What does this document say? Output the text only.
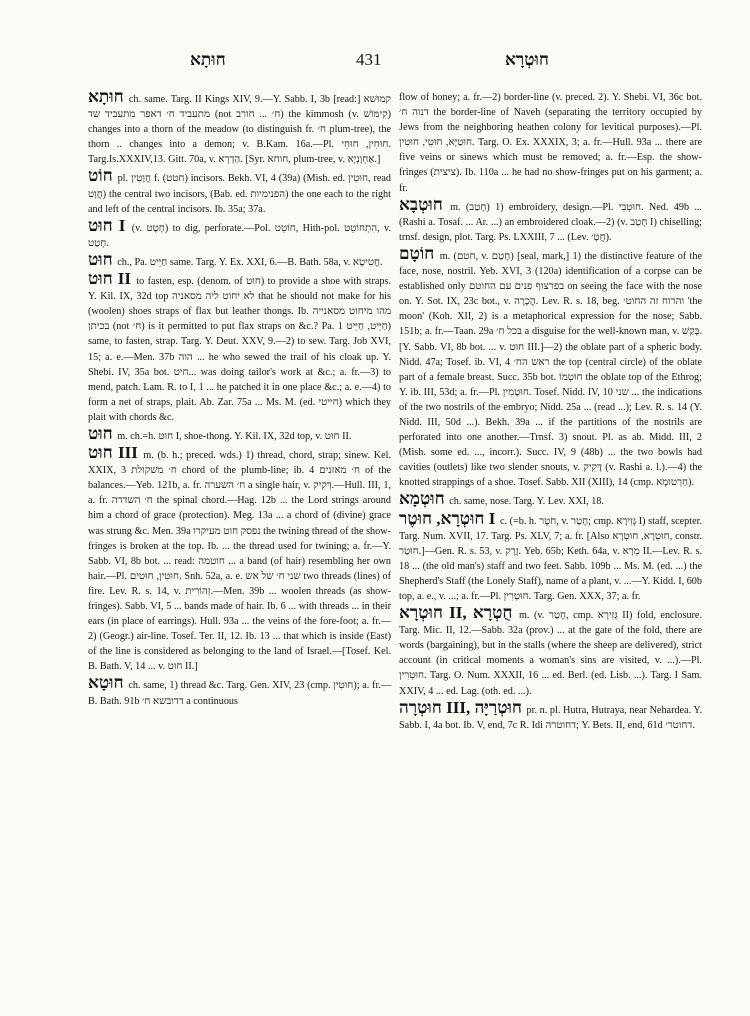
חוּתָא	431	חוּטְרָא

חוּתָא ch. same. Targ. II Kings XIV, 9.—Y. Sabb. I, 3b [read:] קמוּשׁא מתעביד ח׳ דאפר מתעביד שד (not ח׳ ... חורב) the kimmosh (v. קִימּוֹשׁ) changes into a thorn of the meadow (to distinguish fr. ח׳ plum-tree), the thorn .. changes into a demon; v. B.Kam. 16a.—Pl. חוּחִין, חוּחֵי. Targ.Is.XXXIV,13. Gitt. 70a, v. הַדְרָא. [Syr. חוחא, plum-tree, v. אַחְוָנְיָא.]

חוֹט pl. חֲוָטִין f. (חטט) incisors. Bekh. VI, 4 (39a) (Mish. ed. חוּטִין, read חֲוָט) the central two incisors, (Bab. ed. הפנימיות) the one each to the right and left of the central incisors. Ib. 35a; 37a.

חוּט I (v. חָטָט) to dig, perforate.—Pol. חוֹטֵט, Hith-pol. הִתְחוֹטֵט, v. חָטַט.

חוּט ch., Pa. חַיֵּיט same. Targ. Y. Ex. XXI, 6.—B. Bath. 58a, v. חֲטִיטָא.

חוּט II to fasten, esp. (denom. of חוּט) to provide a shoe with straps. Y. Kil. IX, 32d top לא יחוט ליה מסאניה that he should not make for his (woolen) shoes straps of flax but leather thongs. Ib. מהו מיחוט מסאנייה בכיתן (not ח׳) is it permitted to put flax straps on &c.? Pa. חַיֵּיט, חַיֵּיט 1) same, to fasten, strap. Targ. Y. Deut. XXV, 9.—2) to sew. Targ. Job XVI, 15; a. e.—Men. 37b הוה ... he who sewed the trail of his cloak up. Y. Shebi. IV, 35a bot. חיט... was doing tailor's work at &c.; a. fr.—3) to mend, patch. Lam. R. to I, 1 ... he patched it in one place &c.; a. e.—4) to form a net of straps, plait. Ab. Zar. 75a ... Ms. M. (ed. חייטי) which they plait with chords &c.

חוּט m. ch.=h. חוּט I, shoe-thong. Y. Kil. IX, 32d top, v. חוּט II.

חוּט III m. (b. h.; preced. wds.) 1) thread, chord, strap; sinew. Kel. XXIX, 3 ח׳ משקולת chord of the plumb-line; ib. 4 ח׳ מאזנים of the balances.—Yeb. 121b, a. fr. ח׳ השערה a single hair, v. דְּקִיק.—Hull. III, 1, a. fr. ח׳ השדרה the spinal chord.—Hag. 12b ... the Lord strings around him a chord of grace (protection). Meg. 13a ... a chord of (divine) grace was strung &c. Men. 39a נפסק חוט מעיקרו the twining thread of the show-fringes is broken at the top. Ib. ... the thread used for twining; a. fr.—Y. Sabb. VI, 8b bot. ... read: חוטמה ... a band (of hair) resembling her own hair.—Pl. חוּטִין, חוּטִים. Snh. 52a, a. e. שני ח׳ של אש two threads (lines) of fire. Lev. R. s. 14, v. זְהוֹרִית.—Men. 39b ... woolen threads (as show-fringes). Sabb. VI, 5 ... bands made of hair. Ib. 6 ... with threads ... in their ears (in place of earrings). Hull. 93a ... the veins of the fore-foot; a. fr.—2) (Geogr.) air-line. Tosef. Ter. II, 12. Ib. 13 ... that which is inside (East) of the line is considered as belonging to the land of Israel.—[Tosef. Kel. B. Bath. V, 14 ... v. חוּט II.]

חוּטָא ch. same, 1) thread &c. Targ. Gen. XIV, 23 (cmp. חוּטִין); a. fr.—B. Bath. 91b דדובשא ח׳ a continuous

flow of honey; a. fr.—2) border-line (v. preced. 2). Y. Shebi. VI, 36c bot. דנוה ח׳ the border-line of Naveh (separating the territory occupied by Jews from the neighboring heathen colony for levitical purposes).—Pl. חוּטַיָּא, חוּטֵי, חוּטִין. Targ. O. Ex. XXXIX, 3; a. fr.—Hull. 93a ... there are five veins or sinews which must be removed; a. fr.—Esp. the show-fringes (ציצית). Ib. 110a ... he had no show-fringes put on his garment; a. fr.

חוּטְבָא m. (חָטַב) 1) embroidery, design.—Pl. חוּטְבֵי. Ned. 49b ... (Rashi a. Tosaf. ... Ar. ...) an embroidered cloak.—2) (v. חָטַב I) chiselling; trnsf. design, plot. Targ. Ps. LXXIII, 7 ... (Lev. חֲטָ׳).

חוֹטָם m. (חטם, v. חָטַם) [seal, mark,] 1) the distinctive feature of the face, nose, nostril. Yeb. XVI, 3 (120a) identification of a corpse can be established only בפרצוף פנים עם החוטם on seeing the face with the nose on. Y. Sot. IX, 23c bot., v. הֲכָרָה. Lev. R. s. 18, beg. והרוח זה החוט׳ 'the moon' (Koh. XII, 2) is a metaphorical expression for the nose; Sabb. 151b; a. fr.—Taan. 29a בכל ח׳ a disguise for the well-known man, v. בָּקַשׁ. [Y. Sabb. VI, 8b bot. ... v. חוּט III.]—2) the oblate part of a spheric body. Nidd. 47a; Tosef. ib. VI, 4 ראש הח׳ the top (central circle) of the oblate part of a female breast. Succ. 35b bot. חוּטְמוֹ the oblate top of the Ethrog; Y. ib. III, 53d; a. fr.—Pl. חוּטָמִין. Tosef. Nidd. IV, 10 שני ... the indications of the two nostrils of the embryo; Nidd. 25a ... (read ...); Lev. R. s. 14 (Y. Nidd. III, 50d ...). Bekh. 39a ... if the partitions of the nostrils are perforated into one another.—Trnsf. 3) snout. Pl. as ab. Midd. III, 2 (Mish. some ed. ..., incorr.). Succ. IV, 9 (48b) ... the two bowls had cavities (outlets) like two slender snouts, v. דָּקִיק (v. Rashi a. l.).—4) the knotted strappings of a shoe. Tosef. Sabb. XII (XIII), 14 (cmp. חַרְטוּמָא).

חוּטְמָא ch. same, nose. Targ. Y. Lev. XXI, 18.

חוּטְרָא, חוּטֶר I c. (=b. h. חֹטֶר, v. חָטַר; cmp. גְּזִירָא I) staff, scepter. Targ. Num. XVII, 17. Targ. Ps. XLV, 7; a. fr. [Also חוּטְרָא, חוּטְרָא, constr. חוּטַר.]—Gen. R. s. 53, v. זֶרֶק. Yeb. 65b; Keth. 64a, v. מְרָא II.—Lev. R. s. 18 ... (the old man's) staff and two feet. Sabb. 109b ... Ms. M. (ed. ...) the Shepherd's Staff (the Lonely Staff), name of a plant, v. ...—Y. Kidd. I, 60b top, a. e., v. ...; a. fr.—Pl. חוּטְרִין. Targ. Gen. XXX, 37; a. fr.

חוּטְרָא II, חֻטְרָא m. (v. חָטַר, cmp. גְּזִירָא II) fold, enclosure. Targ. Mic. II, 12.—Sabb. 32a (prov.) ... at the gate of the fold, there are words (bargaining), but in the stalls (where the sheep are delivered), strict account (in critical moments a woman's sins are visited, v. ...).—Pl. חוּטְרִין. Targ. O. Num. XXXII, 16 ... ed. Berl. (ed. Lisb. ...). Targ. I Sam. XXIV, 4 ... ed. Lag. (oth. ed. ...).

חוּטְרָה III, חוּטְרַיָּה pr. n. pl. Hutra, Hutraya, near Nehardea. Y. Sabb. I, 4a bot. Ib. V, end, 7c R. Idi דחוטרה; Y. Bets. II, end, 61d דחוטר׳.
